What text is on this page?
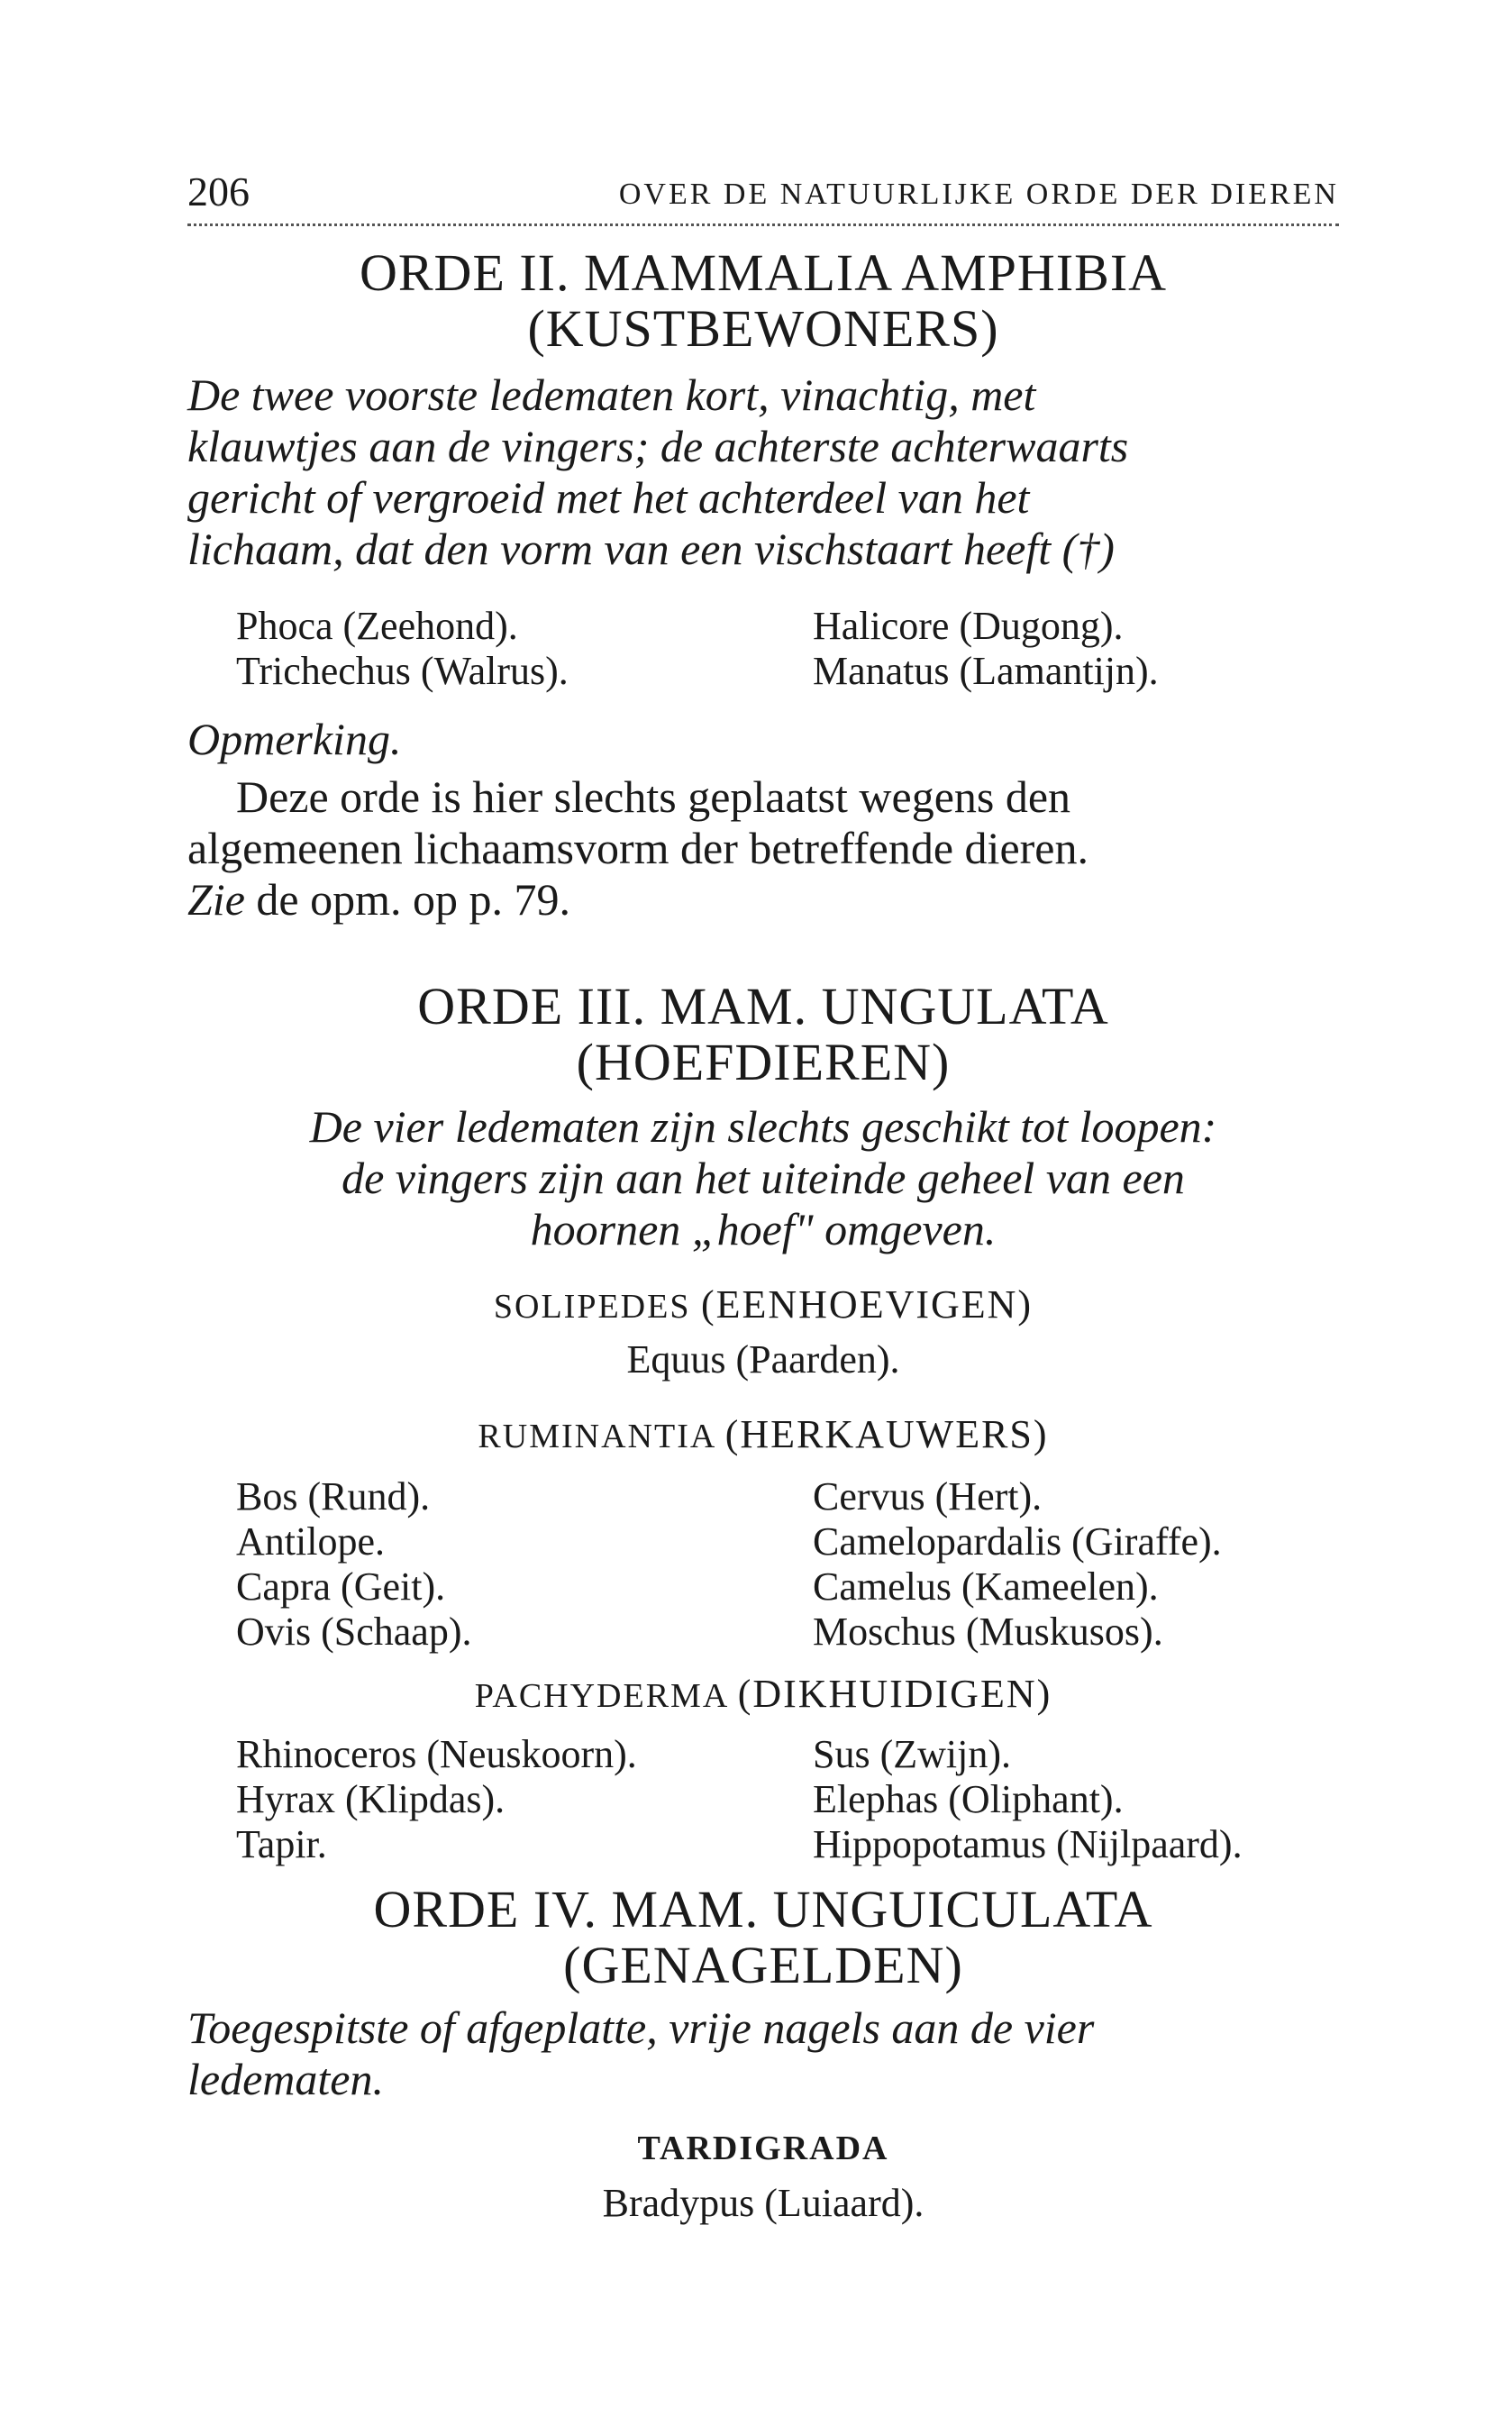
206	OVER DE NATUURLIJKE ORDE DER DIEREN
ORDE II. MAMMALIA AMPHIBIA
(KUSTBEWONERS)
De twee voorste ledematen kort, vinachtig, met
klauwtjes aan de vingers; de achterste achterwaarts
gericht of vergroeid met het achterdeel van het
lichaam, dat den vorm van een vischstaart heeft (†)
Phoca (Zeehond).	Halicore (Dugong).
Trichechus (Walrus).	Manatus (Lamantijn).
Opmerking.
Deze orde is hier slechts geplaatst wegens den
algemeenen lichaamsvorm der betreffende dieren.
Zie de opm. op p. 79.
ORDE III. MAM. UNGULATA
(HOEFDIEREN)
De vier ledematen zijn slechts geschikt tot loopen:
de vingers zijn aan het uiteinde geheel van een
hoornen „hoef" omgeven.
SOLIPEDES (EENHOEVIGEN)
Equus (Paarden).
RUMINANTIA (HERKAUWERS)
Bos (Rund).	Cervus (Hert).
Antilope.	Camelopardalis (Giraffe).
Capra (Geit).	Camelus (Kameelen).
Ovis (Schaap).	Moschus (Muskusos).
PACHYDERMA (DIKHUIDIGEN)
Rhinoceros (Neuskoorn).	Sus (Zwijn).
Hyrax (Klipdas).	Elephas (Oliphant).
Tapir.	Hippopotamus (Nijlpaard).
ORDE IV. MAM. UNGUICULATA
(GENAGELDEN)
Toegespitste of afgeplatte, vrije nagels aan de vier
ledematen.
TARDIGRADA
Bradypus (Luiaard).
